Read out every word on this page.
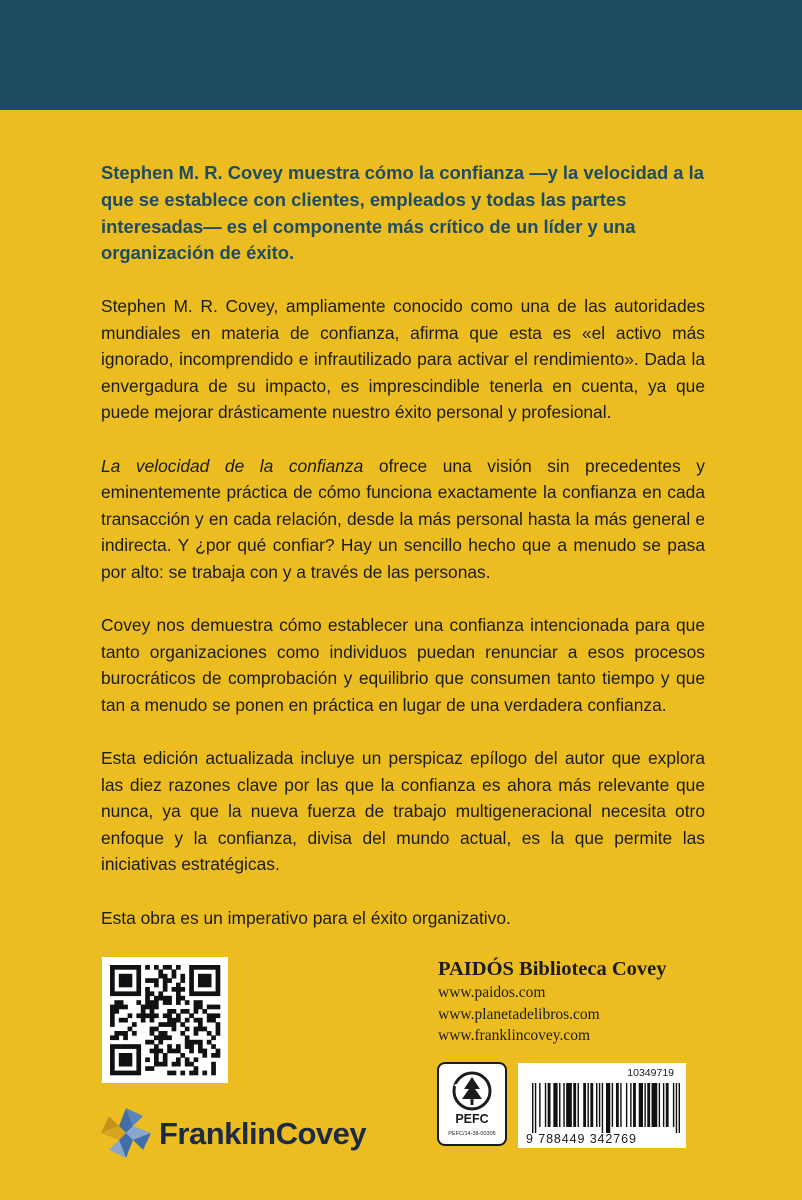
Stephen M. R. Covey muestra cómo la confianza —y la velocidad a la que se establece con clientes, empleados y todas las partes interesadas— es el componente más crítico de un líder y una organización de éxito.

Stephen M. R. Covey, ampliamente conocido como una de las autoridades mundiales en materia de confianza, afirma que esta es «el activo más ignorado, incomprendido e infrautilizado para activar el rendimiento». Dada la envergadura de su impacto, es imprescindible tenerla en cuenta, ya que puede mejorar drásticamente nuestro éxito personal y profesional.

La velocidad de la confianza ofrece una visión sin precedentes y eminentemente práctica de cómo funciona exactamente la confianza en cada transacción y en cada relación, desde la más personal hasta la más general e indirecta. Y ¿por qué confiar? Hay un sencillo hecho que a menudo se pasa por alto: se trabaja con y a través de las personas.

Covey nos demuestra cómo establecer una confianza intencionada para que tanto organizaciones como individuos puedan renunciar a esos procesos burocráticos de comprobación y equilibrio que consumen tanto tiempo y que tan a menudo se ponen en práctica en lugar de una verdadera confianza.

Esta edición actualizada incluye un perspicaz epílogo del autor que explora las diez razones clave por las que la confianza es ahora más relevante que nunca, ya que la nueva fuerza de trabajo multigeneracional necesita otro enfoque y la confianza, divisa del mundo actual, es la que permite las iniciativas estratégicas.

Esta obra es un imperativo para el éxito organizativo.

FranklinCovey
PAIDÓS Biblioteca Covey
www.paidos.com
www.planetadelibros.com
www.franklincovey.com
PEFC
PEFC/14-38-00305
10349719
9 788449 342769
